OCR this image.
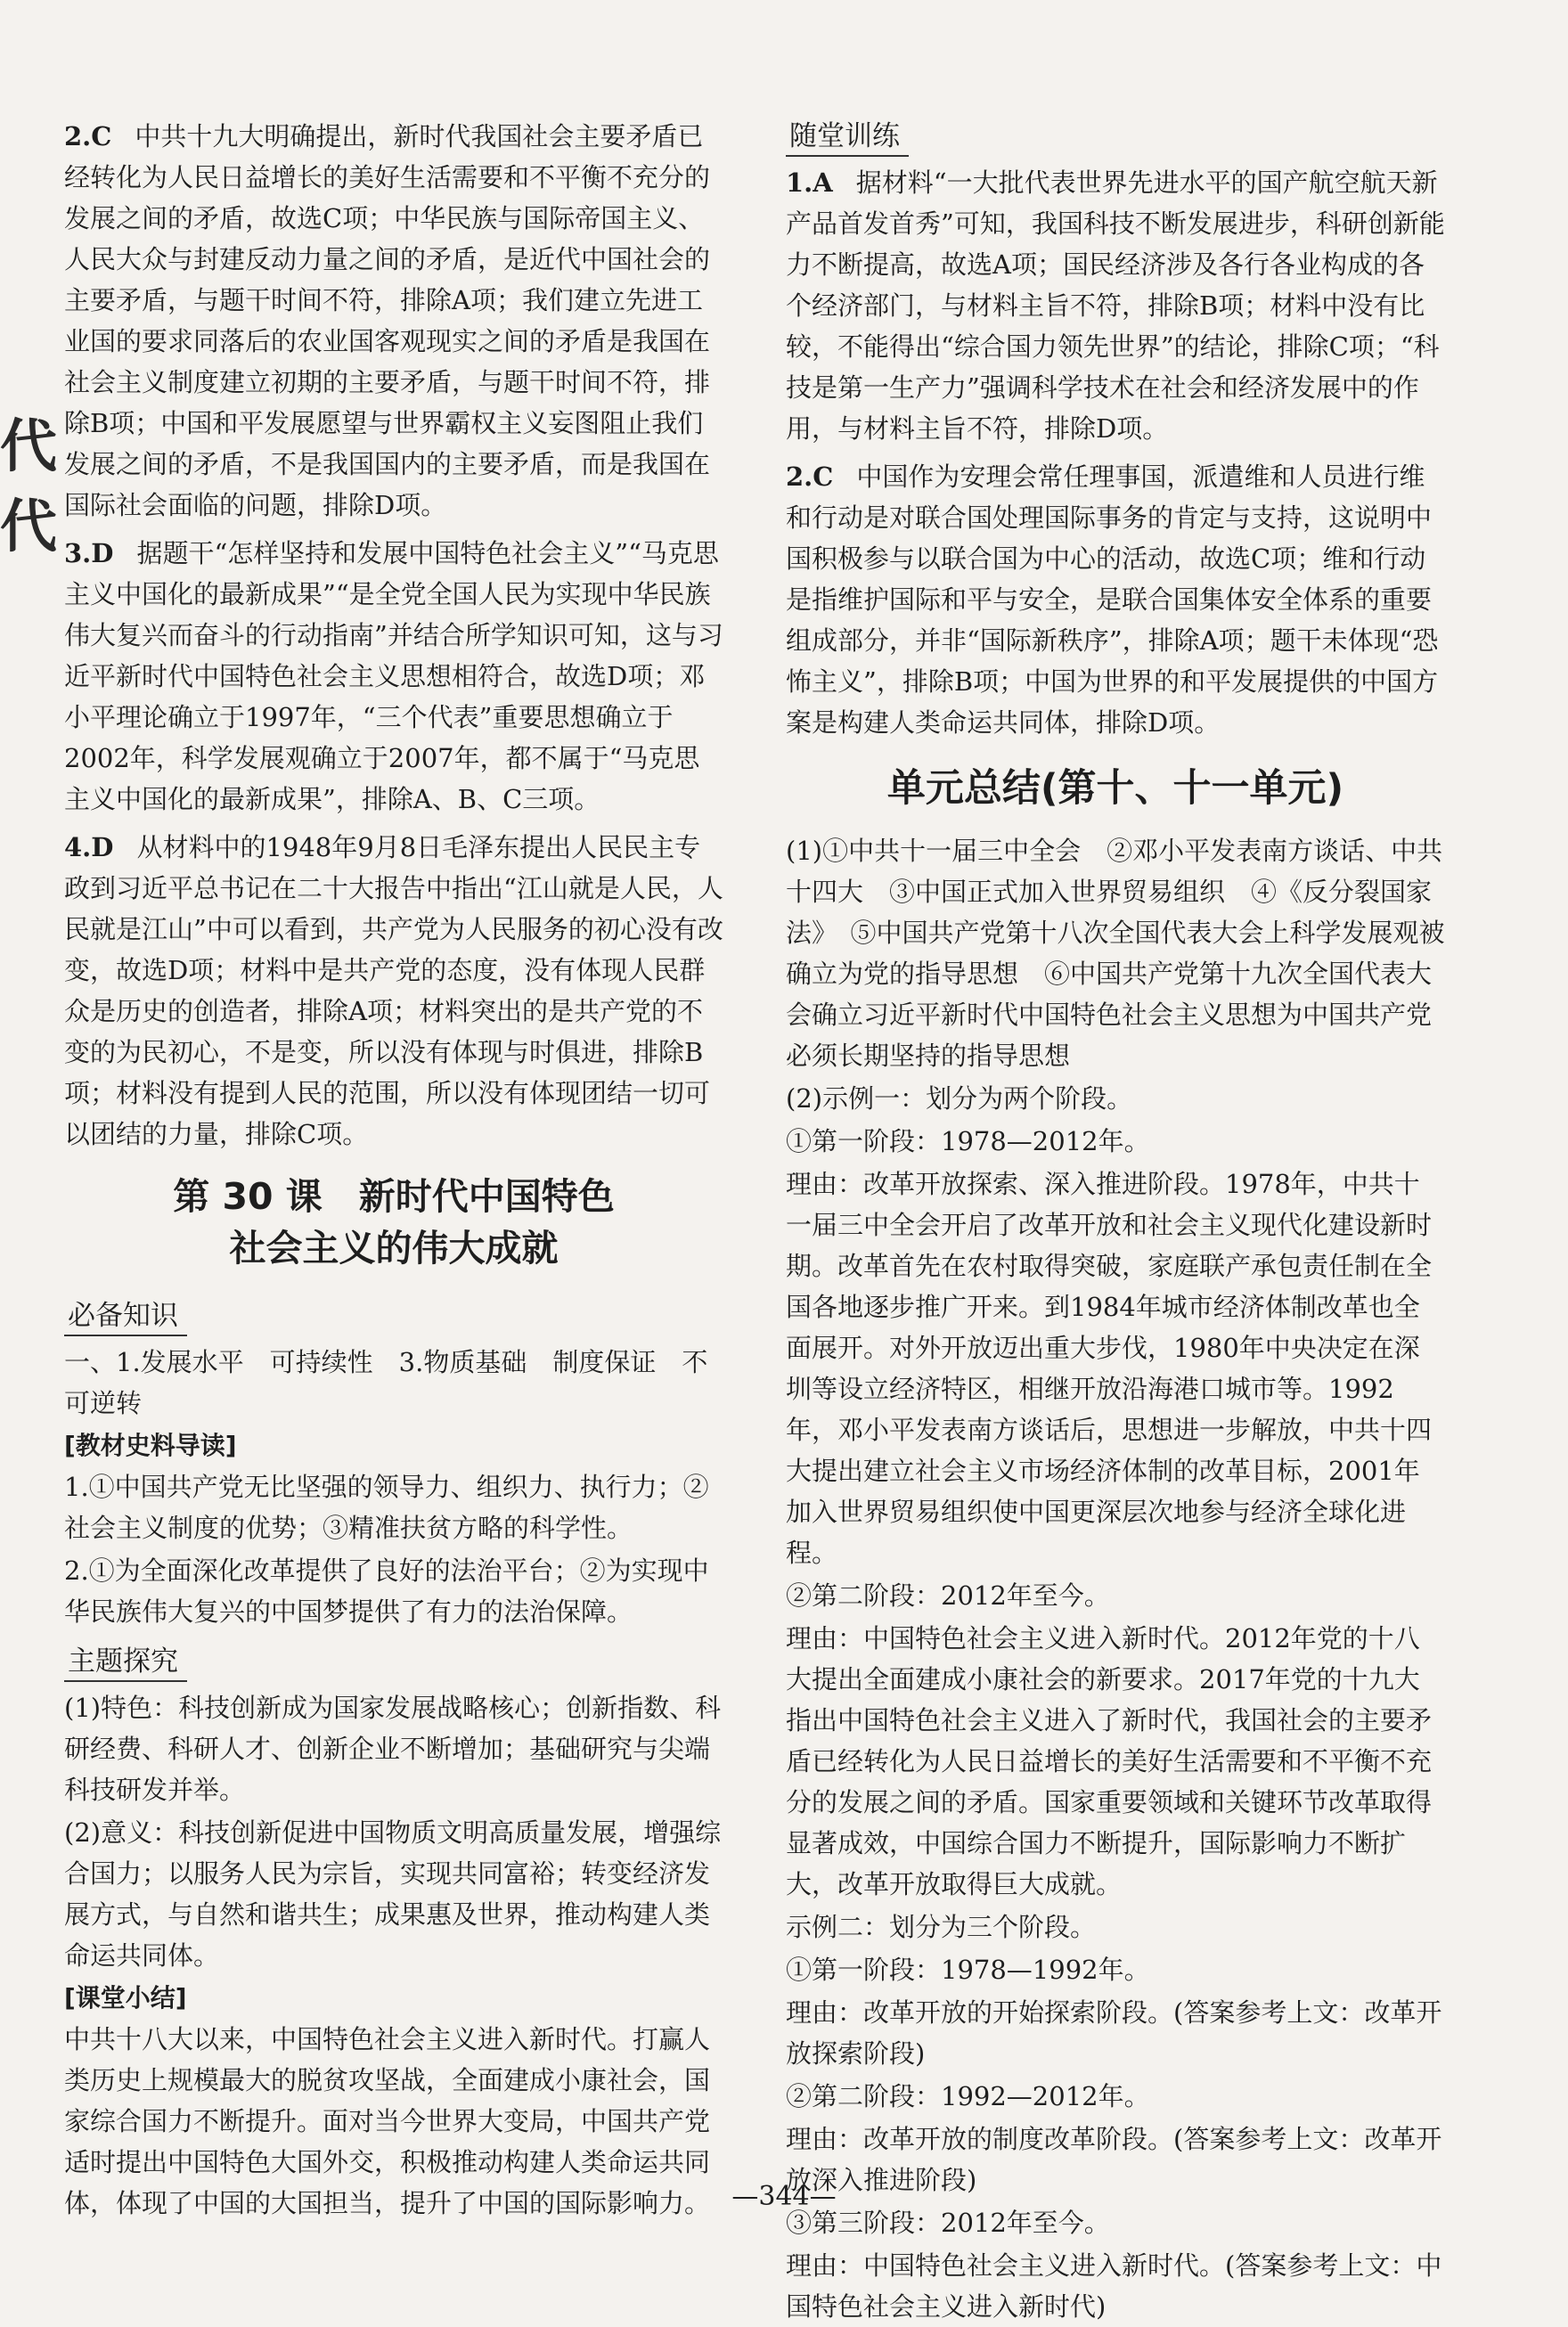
代
代
2.C 中共十九大明确提出，新时代我国社会主要矛盾已经转化为人民日益增长的美好生活需要和不平衡不充分的发展之间的矛盾，故选C项；中华民族与国际帝国主义、人民大众与封建反动力量之间的矛盾，是近代中国社会的主要矛盾，与题干时间不符，排除A项；我们建立先进工业国的要求同落后的农业国客观现实之间的矛盾是我国在社会主义制度建立初期的主要矛盾，与题干时间不符，排除B项；中国和平发展愿望与世界霸权主义妄图阻止我们发展之间的矛盾，不是我国国内的主要矛盾，而是我国在国际社会面临的问题，排除D项。
3.D 据题干“怎样坚持和发展中国特色社会主义”“马克思主义中国化的最新成果”“是全党全国人民为实现中华民族伟大复兴而奋斗的行动指南”并结合所学知识可知，这与习近平新时代中国特色社会主义思想相符合，故选D项；邓小平理论确立于1997年，“三个代表”重要思想确立于2002年，科学发展观确立于2007年，都不属于“马克思主义中国化的最新成果”，排除A、B、C三项。
4.D 从材料中的1948年9月8日毛泽东提出人民民主专政到习近平总书记在二十大报告中指出“江山就是人民，人民就是江山”中可以看到，共产党为人民服务的初心没有改变，故选D项；材料中是共产党的态度，没有体现人民群众是历史的创造者，排除A项；材料突出的是共产党的不变的为民初心，不是变，所以没有体现与时俱进，排除B项；材料没有提到人民的范围，所以没有体现团结一切可以团结的力量，排除C项。
第 30 课　新时代中国特色
社会主义的伟大成就
必备知识
一、1.发展水平　可持续性　3.物质基础　制度保证　不可逆转
[教材史料导读]
1.①中国共产党无比坚强的领导力、组织力、执行力；②社会主义制度的优势；③精准扶贫方略的科学性。
2.①为全面深化改革提供了良好的法治平台；②为实现中华民族伟大复兴的中国梦提供了有力的法治保障。
主题探究
(1)特色：科技创新成为国家发展战略核心；创新指数、科研经费、科研人才、创新企业不断增加；基础研究与尖端科技研发并举。
(2)意义：科技创新促进中国物质文明高质量发展，增强综合国力；以服务人民为宗旨，实现共同富裕；转变经济发展方式，与自然和谐共生；成果惠及世界，推动构建人类命运共同体。
[课堂小结]
中共十八大以来，中国特色社会主义进入新时代。打赢人类历史上规模最大的脱贫攻坚战，全面建成小康社会，国家综合国力不断提升。面对当今世界大变局，中国共产党适时提出中国特色大国外交，积极推动构建人类命运共同体，体现了中国的大国担当，提升了中国的国际影响力。
随堂训练
1.A 据材料“一大批代表世界先进水平的国产航空航天新产品首发首秀”可知，我国科技不断发展进步，科研创新能力不断提高，故选A项；国民经济涉及各行各业构成的各个经济部门，与材料主旨不符，排除B项；材料中没有比较，不能得出“综合国力领先世界”的结论，排除C项；“科技是第一生产力”强调科学技术在社会和经济发展中的作用，与材料主旨不符，排除D项。
2.C 中国作为安理会常任理事国，派遣维和人员进行维和行动是对联合国处理国际事务的肯定与支持，这说明中国积极参与以联合国为中心的活动，故选C项；维和行动是指维护国际和平与安全，是联合国集体安全体系的重要组成部分，并非“国际新秩序”，排除A项；题干未体现“恐怖主义”，排除B项；中国为世界的和平发展提供的中国方案是构建人类命运共同体，排除D项。
单元总结(第十、十一单元)
(1)①中共十一届三中全会　②邓小平发表南方谈话、中共十四大　③中国正式加入世界贸易组织　④《反分裂国家法》　⑤中国共产党第十八次全国代表大会上科学发展观被确立为党的指导思想　⑥中国共产党第十九次全国代表大会确立习近平新时代中国特色社会主义思想为中国共产党必须长期坚持的指导思想
(2)示例一：划分为两个阶段。
①第一阶段：1978—2012年。
理由：改革开放探索、深入推进阶段。1978年，中共十一届三中全会开启了改革开放和社会主义现代化建设新时期。改革首先在农村取得突破，家庭联产承包责任制在全国各地逐步推广开来。到1984年城市经济体制改革也全面展开。对外开放迈出重大步伐，1980年中央决定在深圳等设立经济特区，相继开放沿海港口城市等。1992年，邓小平发表南方谈话后，思想进一步解放，中共十四大提出建立社会主义市场经济体制的改革目标，2001年加入世界贸易组织使中国更深层次地参与经济全球化进程。
②第二阶段：2012年至今。
理由：中国特色社会主义进入新时代。2012年党的十八大提出全面建成小康社会的新要求。2017年党的十九大指出中国特色社会主义进入了新时代，我国社会的主要矛盾已经转化为人民日益增长的美好生活需要和不平衡不充分的发展之间的矛盾。国家重要领域和关键环节改革取得显著成效，中国综合国力不断提升，国际影响力不断扩大，改革开放取得巨大成就。
示例二：划分为三个阶段。
①第一阶段：1978—1992年。
理由：改革开放的开始探索阶段。(答案参考上文：改革开放探索阶段)
②第二阶段：1992—2012年。
理由：改革开放的制度改革阶段。(答案参考上文：改革开放深入推进阶段)
③第三阶段：2012年至今。
理由：中国特色社会主义进入新时代。(答案参考上文：中国特色社会主义进入新时代)
—344—
